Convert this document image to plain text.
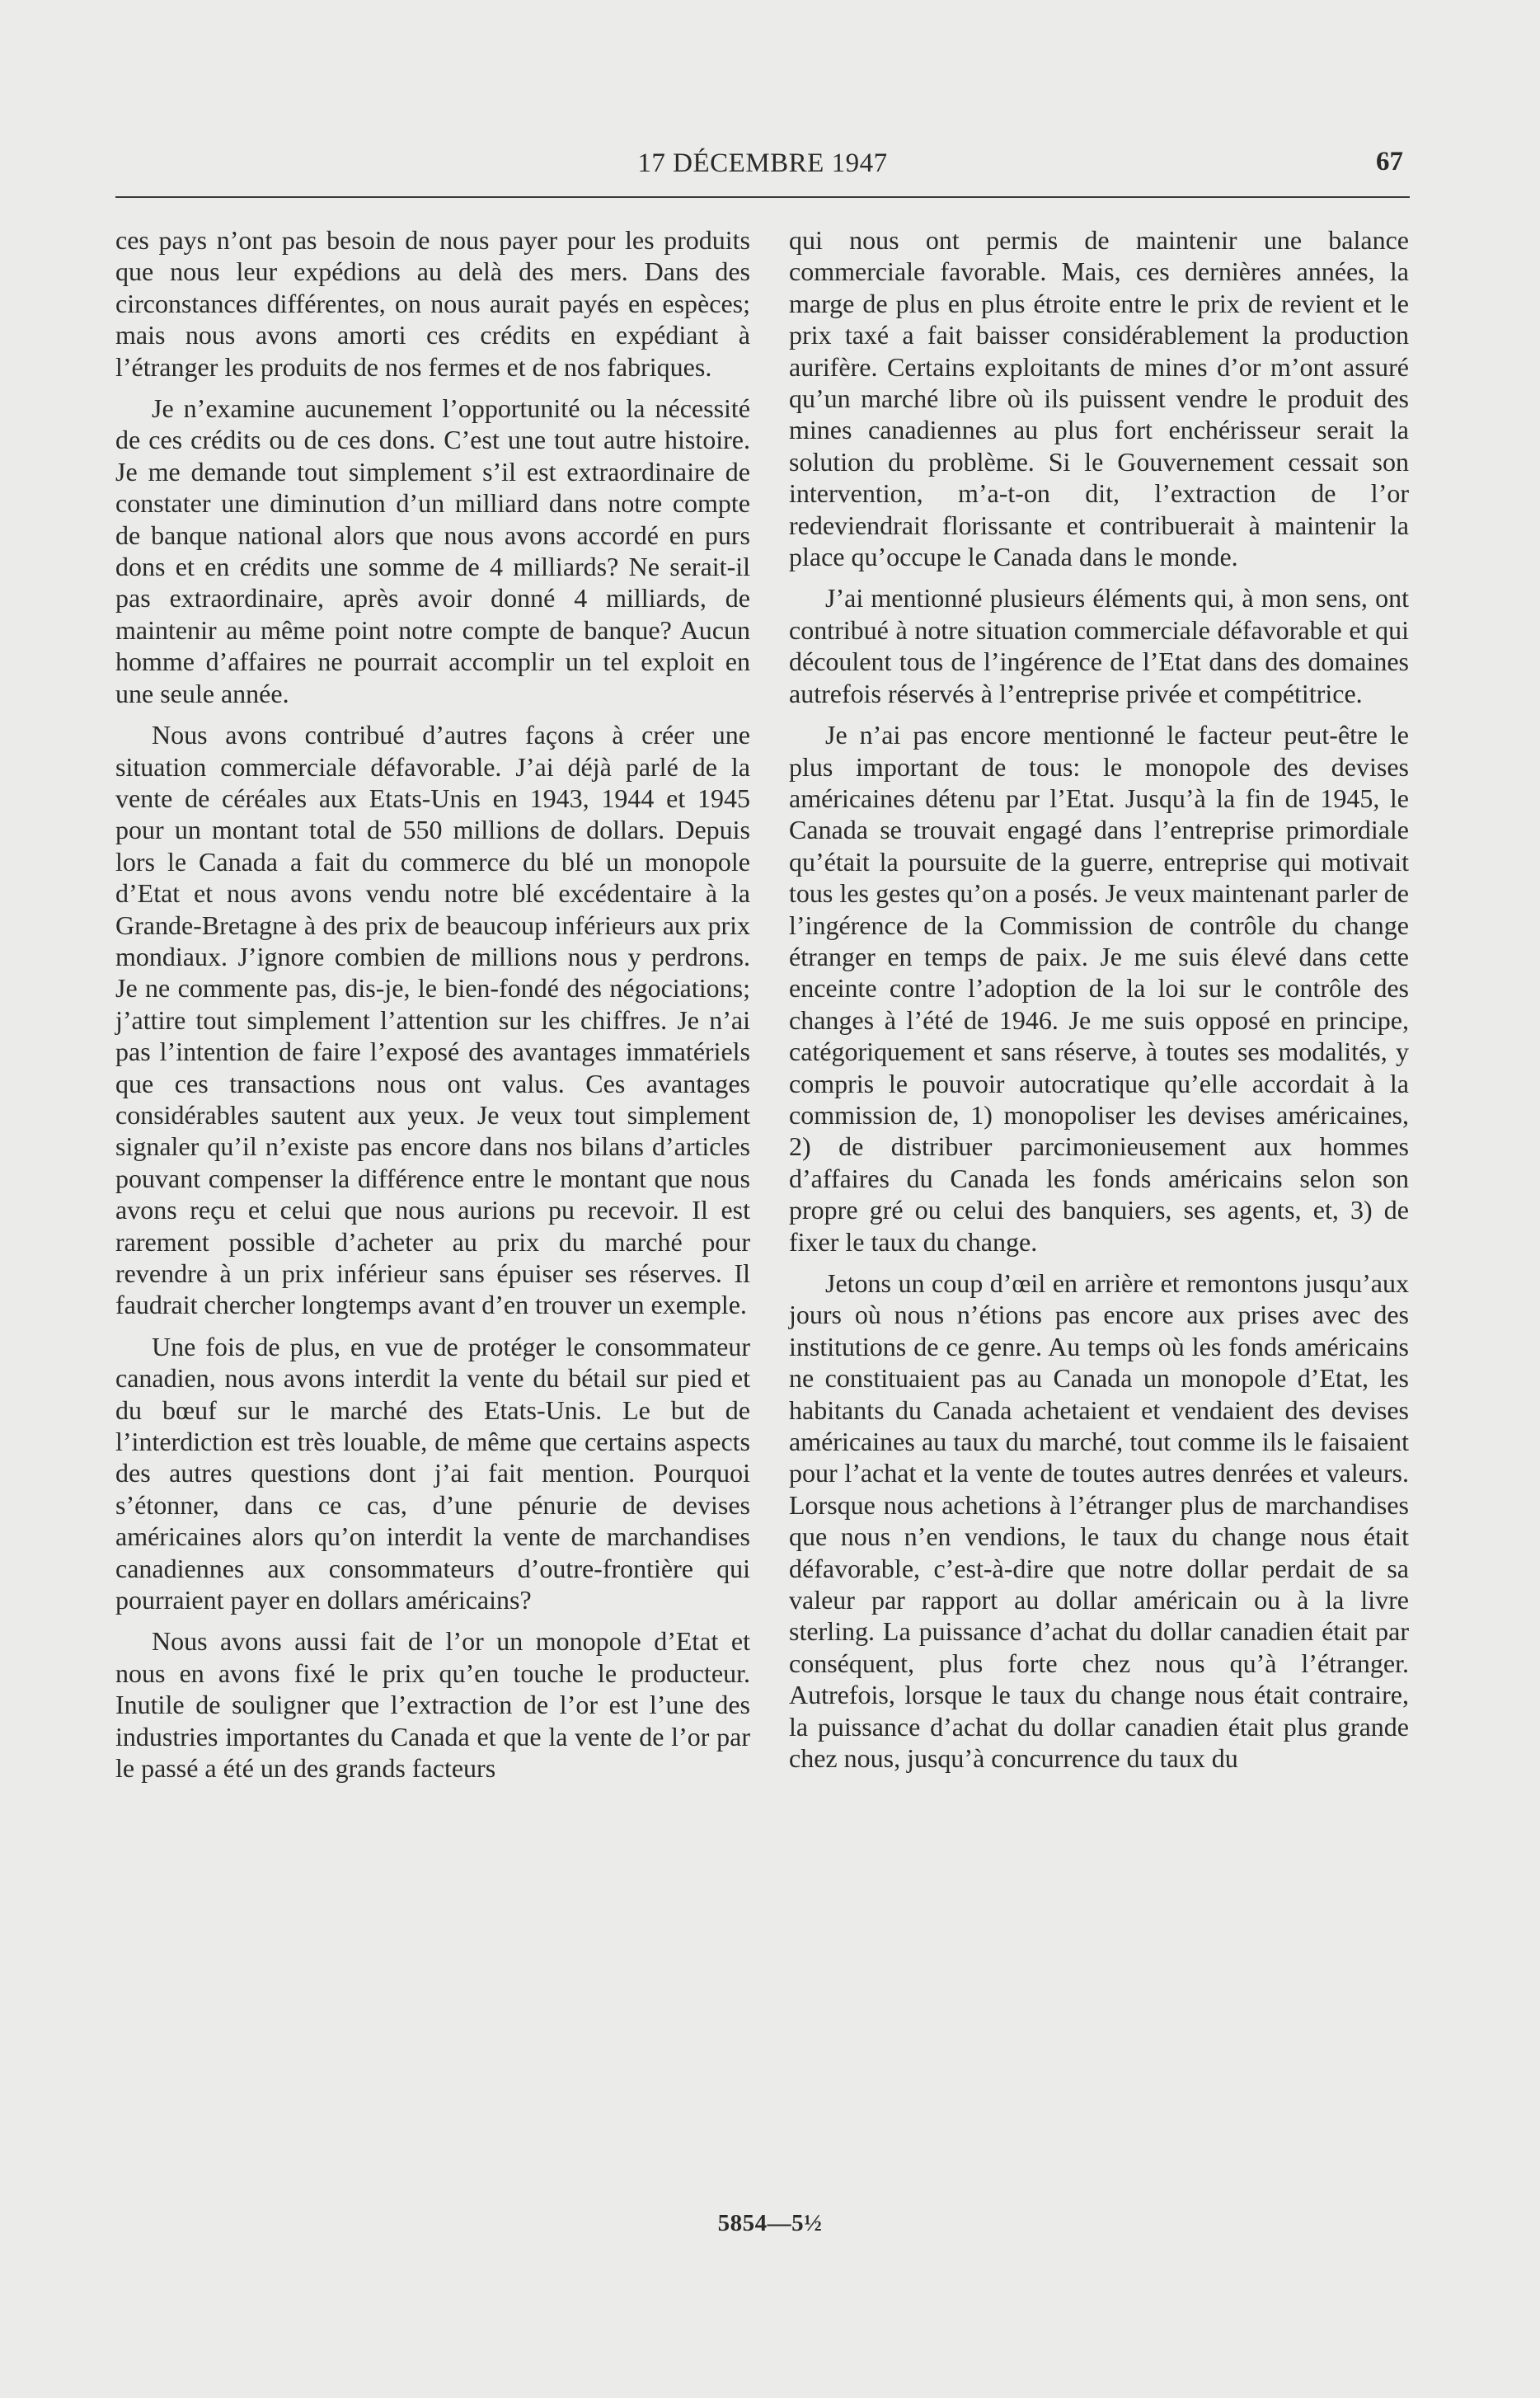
17 DÉCEMBRE 1947	67

ces pays n’ont pas besoin de nous payer pour les produits que nous leur expédions au delà des mers. Dans des circonstances différentes, on nous aurait payés en espèces; mais nous avons amorti ces crédits en expédiant à l’étranger les produits de nos fermes et de nos fabriques.

Je n’examine aucunement l’opportunité ou la nécessité de ces crédits ou de ces dons. C’est une tout autre histoire. Je me demande tout simplement s’il est extraordinaire de constater une diminution d’un milliard dans notre compte de banque national alors que nous avons accordé en purs dons et en crédits une somme de 4 milliards? Ne serait-il pas extraordinaire, après avoir donné 4 milliards, de maintenir au même point notre compte de banque? Aucun homme d’affaires ne pourrait accomplir un tel exploit en une seule année.

Nous avons contribué d’autres façons à créer une situation commerciale défavorable. J’ai déjà parlé de la vente de céréales aux Etats-Unis en 1943, 1944 et 1945 pour un montant total de 550 millions de dollars. Depuis lors le Canada a fait du commerce du blé un monopole d’Etat et nous avons vendu notre blé excédentaire à la Grande-Bretagne à des prix de beaucoup inférieurs aux prix mondiaux. J’ignore combien de millions nous y perdrons. Je ne commente pas, dis-je, le bien-fondé des négociations; j’attire tout simplement l’attention sur les chiffres. Je n’ai pas l’intention de faire l’exposé des avantages immatériels que ces transactions nous ont valus. Ces avantages considérables sautent aux yeux. Je veux tout simplement signaler qu’il n’existe pas encore dans nos bilans d’articles pouvant compenser la différence entre le montant que nous avons reçu et celui que nous aurions pu recevoir. Il est rarement possible d’acheter au prix du marché pour revendre à un prix inférieur sans épuiser ses réserves. Il faudrait chercher longtemps avant d’en trouver un exemple.

Une fois de plus, en vue de protéger le consommateur canadien, nous avons interdit la vente du bétail sur pied et du bœuf sur le marché des Etats-Unis. Le but de l’interdiction est très louable, de même que certains aspects des autres questions dont j’ai fait mention. Pourquoi s’étonner, dans ce cas, d’une pénurie de devises américaines alors qu’on interdit la vente de marchandises canadiennes aux consommateurs d’outre-frontière qui pourraient payer en dollars américains?

Nous avons aussi fait de l’or un monopole d’Etat et nous en avons fixé le prix qu’en touche le producteur. Inutile de souligner que l’extraction de l’or est l’une des industries importantes du Canada et que la vente de l’or par le passé a été un des grands facteurs

qui nous ont permis de maintenir une balance commerciale favorable. Mais, ces dernières années, la marge de plus en plus étroite entre le prix de revient et le prix taxé a fait baisser considérablement la production aurifère. Certains exploitants de mines d’or m’ont assuré qu’un marché libre où ils puissent vendre le produit des mines canadiennes au plus fort enchérisseur serait la solution du problème. Si le Gouvernement cessait son intervention, m’a-t-on dit, l’extraction de l’or redeviendrait florissante et contribuerait à maintenir la place qu’occupe le Canada dans le monde.

J’ai mentionné plusieurs éléments qui, à mon sens, ont contribué à notre situation commerciale défavorable et qui découlent tous de l’ingérence de l’Etat dans des domaines autrefois réservés à l’entreprise privée et compétitrice.

Je n’ai pas encore mentionné le facteur peut-être le plus important de tous: le monopole des devises américaines détenu par l’Etat. Jusqu’à la fin de 1945, le Canada se trouvait engagé dans l’entreprise primordiale qu’était la poursuite de la guerre, entreprise qui motivait tous les gestes qu’on a posés. Je veux maintenant parler de l’ingérence de la Commission de contrôle du change étranger en temps de paix. Je me suis élevé dans cette enceinte contre l’adoption de la loi sur le contrôle des changes à l’été de 1946. Je me suis opposé en principe, catégoriquement et sans réserve, à toutes ses modalités, y compris le pouvoir autocratique qu’elle accordait à la commission de, 1) monopoliser les devises américaines, 2) de distribuer parcimonieusement aux hommes d’affaires du Canada les fonds américains selon son propre gré ou celui des banquiers, ses agents, et, 3) de fixer le taux du change.

Jetons un coup d’œil en arrière et remontons jusqu’aux jours où nous n’étions pas encore aux prises avec des institutions de ce genre. Au temps où les fonds américains ne constituaient pas au Canada un monopole d’Etat, les habitants du Canada achetaient et vendaient des devises américaines au taux du marché, tout comme ils le faisaient pour l’achat et la vente de toutes autres denrées et valeurs. Lorsque nous achetions à l’étranger plus de marchandises que nous n’en vendions, le taux du change nous était défavorable, c’est-à-dire que notre dollar perdait de sa valeur par rapport au dollar américain ou à la livre sterling. La puissance d’achat du dollar canadien était par conséquent, plus forte chez nous qu’à l’étranger. Autrefois, lorsque le taux du change nous était contraire, la puissance d’achat du dollar canadien était plus grande chez nous, jusqu’à concurrence du taux du

5854—5½
